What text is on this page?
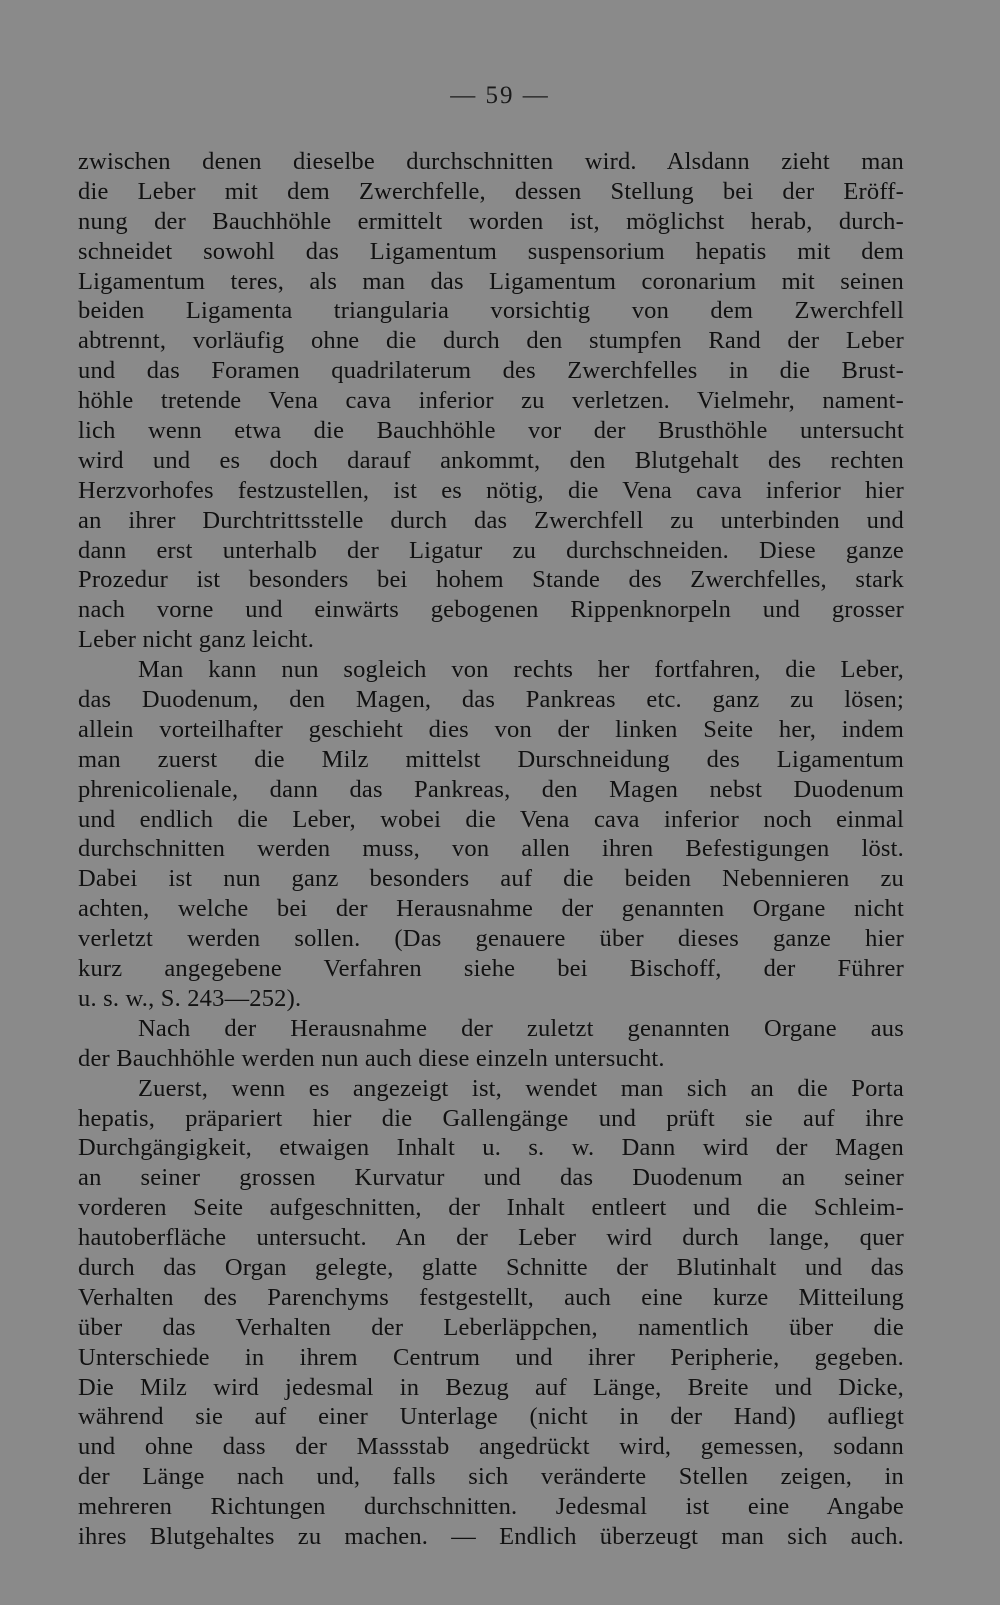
— 59 —
zwischen denen dieselbe durchschnitten wird. Alsdann zieht man
die Leber mit dem Zwerchfelle, dessen Stellung bei der Eröff-
nung der Bauchhöhle ermittelt worden ist, möglichst herab, durch-
schneidet sowohl das Ligamentum suspensorium hepatis mit dem
Ligamentum teres, als man das Ligamentum coronarium mit seinen
beiden Ligamenta triangularia vorsichtig von dem Zwerchfell
abtrennt, vorläufig ohne die durch den stumpfen Rand der Leber
und das Foramen quadrilaterum des Zwerchfelles in die Brust-
höhle tretende Vena cava inferior zu verletzen. Vielmehr, nament-
lich wenn etwa die Bauchhöhle vor der Brusthöhle untersucht
wird und es doch darauf ankommt, den Blutgehalt des rechten
Herzvorhofes festzustellen, ist es nötig, die Vena cava inferior hier
an ihrer Durchtrittsstelle durch das Zwerchfell zu unterbinden und
dann erst unterhalb der Ligatur zu durchschneiden. Diese ganze
Prozedur ist besonders bei hohem Stande des Zwerchfelles, stark
nach vorne und einwärts gebogenen Rippenknorpeln und grosser
Leber nicht ganz leicht.
Man kann nun sogleich von rechts her fortfahren, die Leber,
das Duodenum, den Magen, das Pankreas etc. ganz zu lösen;
allein vorteilhafter geschieht dies von der linken Seite her, indem
man zuerst die Milz mittelst Durschneidung des Ligamentum
phrenicolienale, dann das Pankreas, den Magen nebst Duodenum
und endlich die Leber, wobei die Vena cava inferior noch einmal
durchschnitten werden muss, von allen ihren Befestigungen löst.
Dabei ist nun ganz besonders auf die beiden Nebennieren zu
achten, welche bei der Herausnahme der genannten Organe nicht
verletzt werden sollen. (Das genauere über dieses ganze hier
kurz angegebene Verfahren siehe bei Bischoff, der Führer
u. s. w., S. 243—252).
Nach der Herausnahme der zuletzt genannten Organe aus
der Bauchhöhle werden nun auch diese einzeln untersucht.
Zuerst, wenn es angezeigt ist, wendet man sich an die Porta
hepatis, präpariert hier die Gallengänge und prüft sie auf ihre
Durchgängigkeit, etwaigen Inhalt u. s. w. Dann wird der Magen
an seiner grossen Kurvatur und das Duodenum an seiner
vorderen Seite aufgeschnitten, der Inhalt entleert und die Schleim-
hautoberfläche untersucht. An der Leber wird durch lange, quer
durch das Organ gelegte, glatte Schnitte der Blutinhalt und das
Verhalten des Parenchyms festgestellt, auch eine kurze Mitteilung
über das Verhalten der Leberläppchen, namentlich über die
Unterschiede in ihrem Centrum und ihrer Peripherie, gegeben.
Die Milz wird jedesmal in Bezug auf Länge, Breite und Dicke,
während sie auf einer Unterlage (nicht in der Hand) aufliegt
und ohne dass der Massstab angedrückt wird, gemessen, sodann
der Länge nach und, falls sich veränderte Stellen zeigen, in
mehreren Richtungen durchschnitten. Jedesmal ist eine Angabe
ihres Blutgehaltes zu machen. — Endlich überzeugt man sich auch.
